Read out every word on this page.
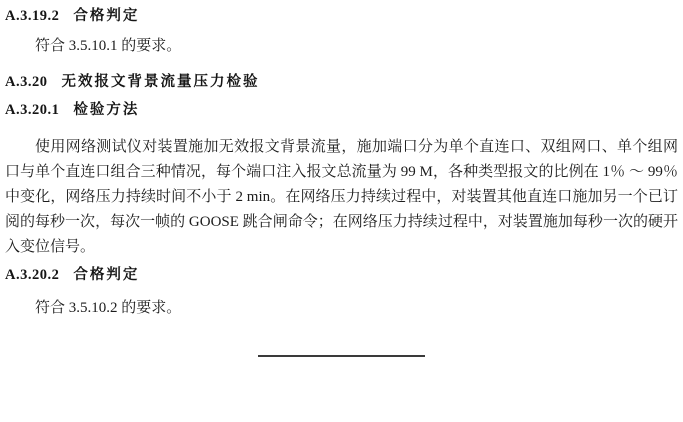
A.3.19.2 合格判定

符合 3.5.10.1 的要求。

A.3.20 无效报文背景流量压力检验
A.3.20.1 检验方法

使用网络测试仪对装置施加无效报文背景流量，施加端口分为单个直连口、双组网口、单个组网口与单个直连口组合三种情况，每个端口注入报文总流量为 99 M，各种类型报文的比例在 1％ ～ 99％中变化，网络压力持续时间不小于 2 min。在网络压力持续过程中，对装置其他直连口施加另一个已订阅的每秒一次，每次一帧的 GOOSE 跳合闸命令；在网络压力持续过程中，对装置施加每秒一次的硬开入变位信号。

A.3.20.2 合格判定

符合 3.5.10.2 的要求。
